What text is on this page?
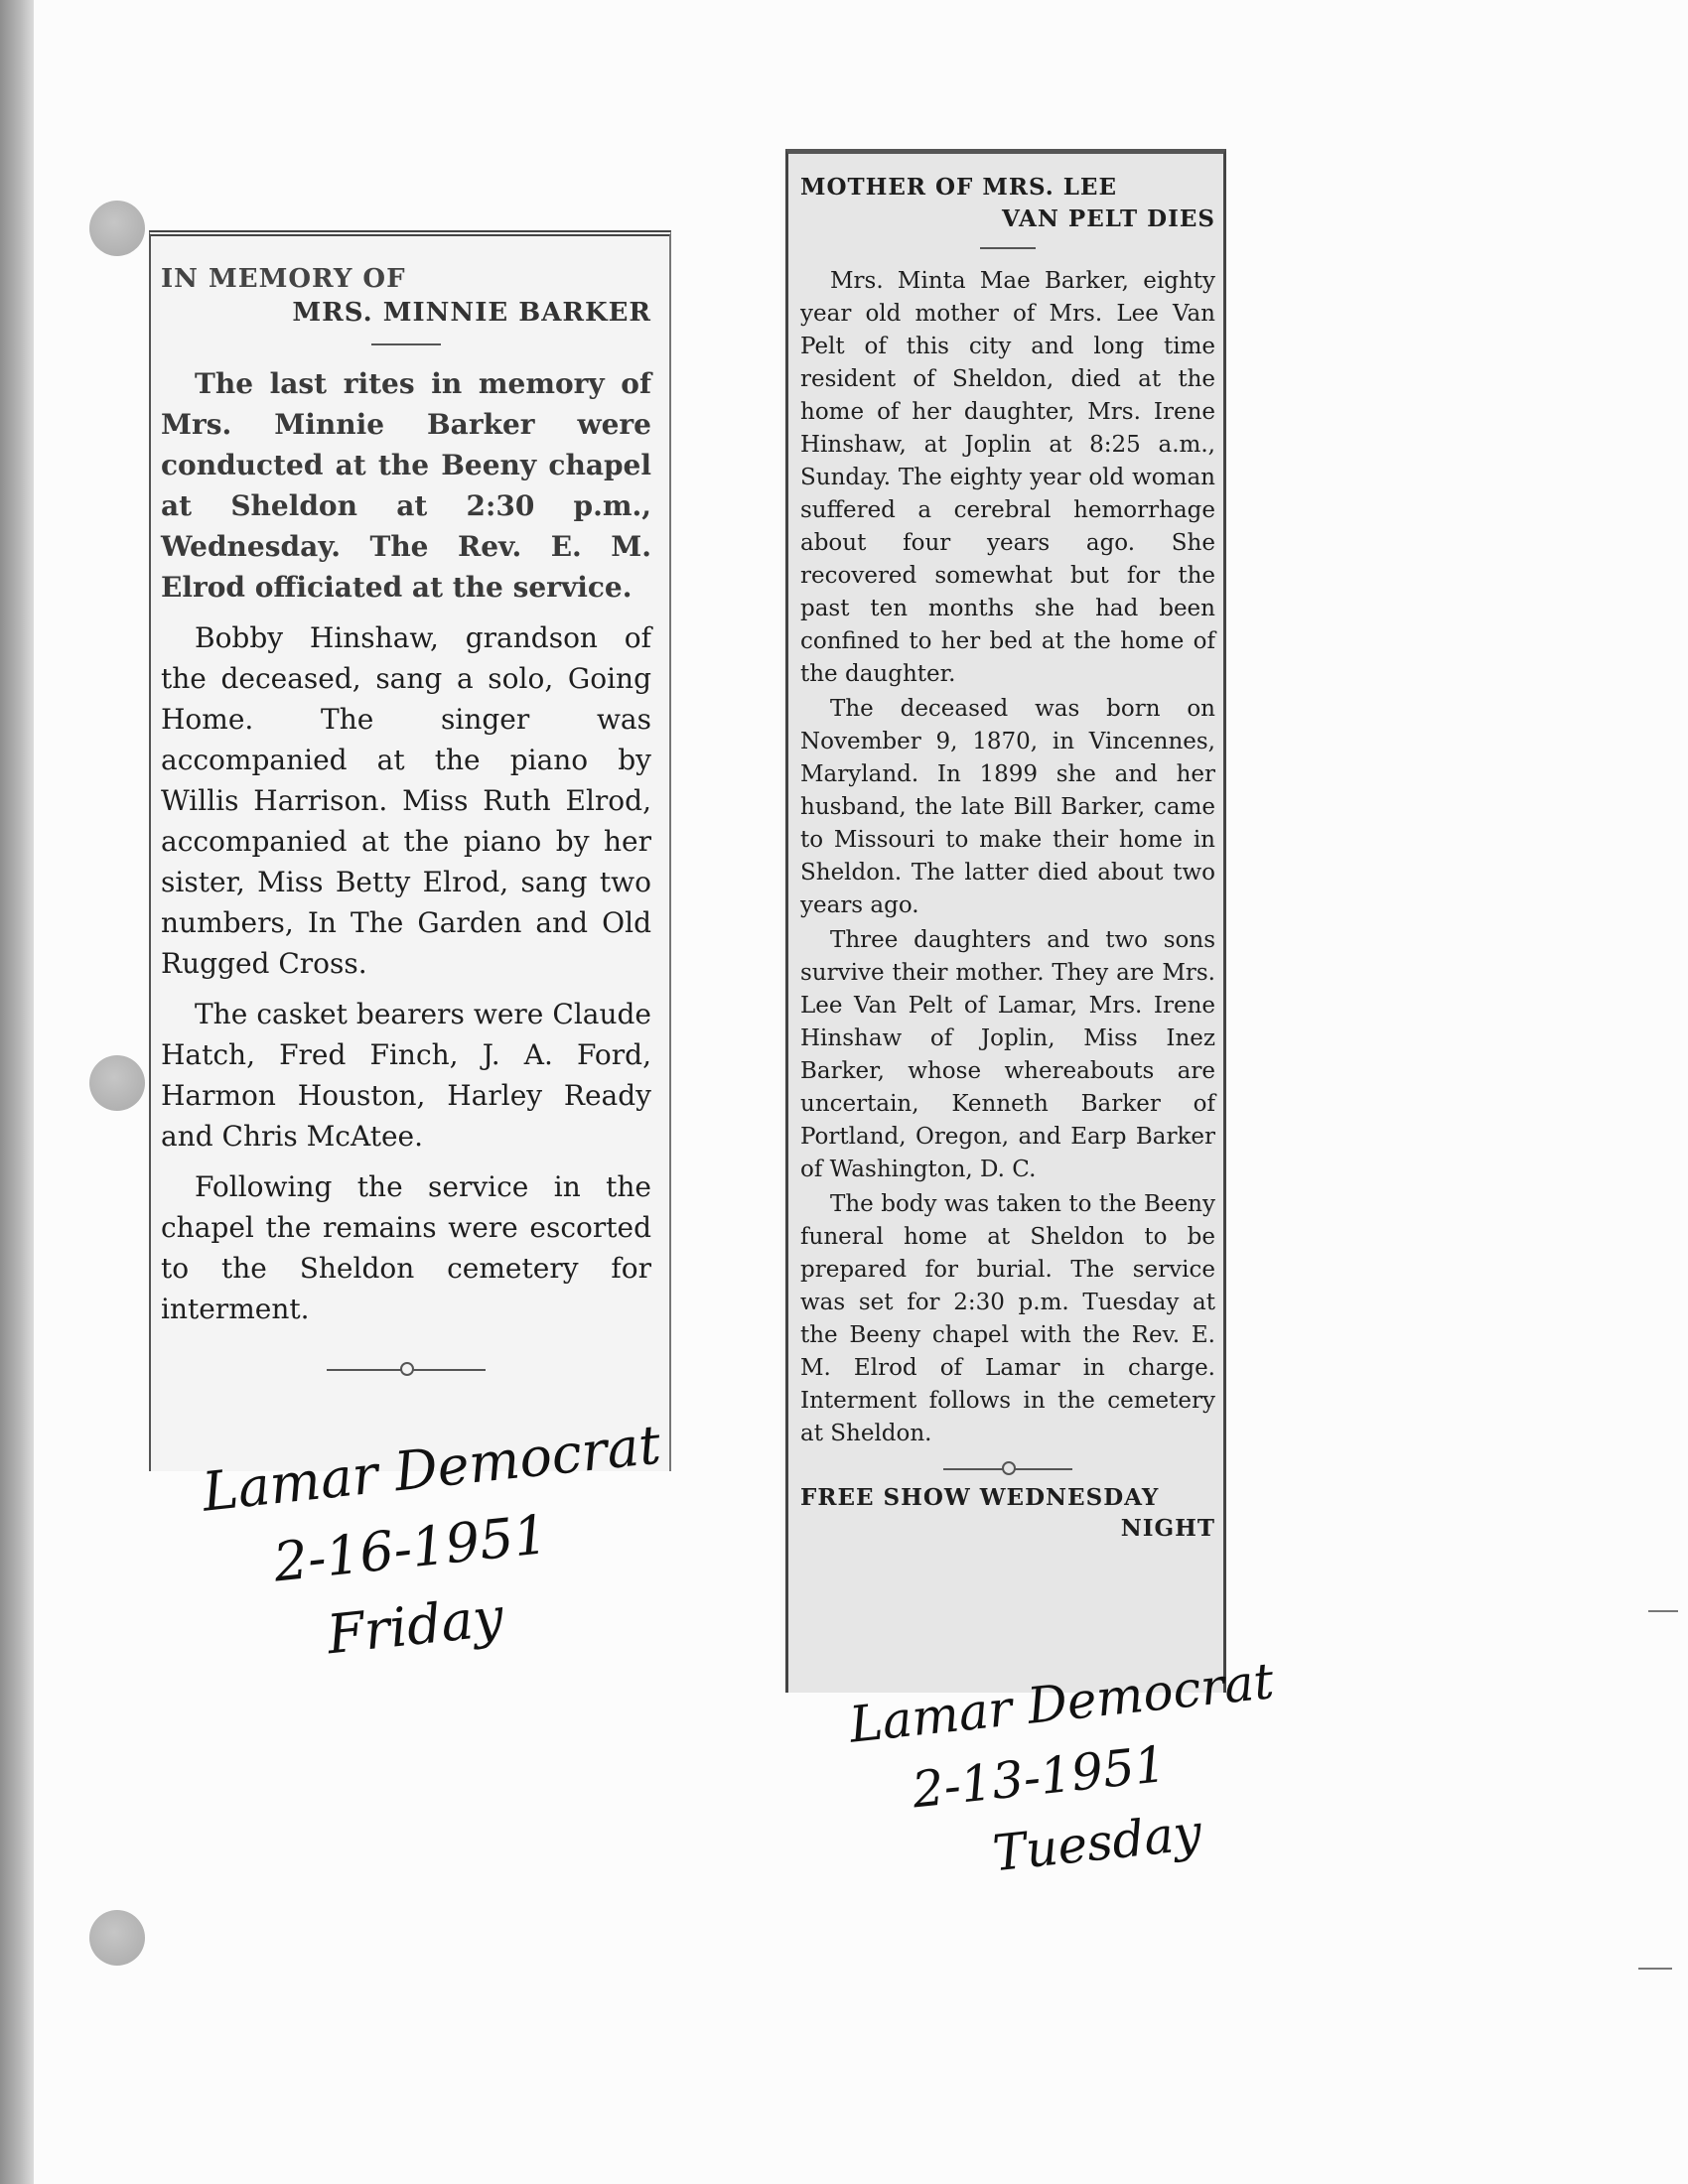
IN MEMORY OF
MRS. MINNIE BARKER

The last rites in memory of Mrs. Minnie Barker were conducted at the Beeny chapel at Sheldon at 2:30 p.m., Wednesday. The Rev. E. M. Elrod officiated at the service.

Bobby Hinshaw, grandson of the deceased, sang a solo, Going Home. The singer was accompanied at the piano by Willis Harrison. Miss Ruth Elrod, accompanied at the piano by her sister, Miss Betty Elrod, sang two numbers, In The Garden and Old Rugged Cross.

The casket bearers were Claude Hatch, Fred Finch, J. A. Ford, Harmon Houston, Harley Ready and Chris McAtee.

Following the service in the chapel the remains were escorted to the Sheldon cemetery for interment.

MOTHER OF MRS. LEE
VAN PELT DIES

Mrs. Minta Mae Barker, eighty year old mother of Mrs. Lee Van Pelt of this city and long time resident of Sheldon, died at the home of her daughter, Mrs. Irene Hinshaw, at Joplin at 8:25 a.m., Sunday. The eighty year old woman suffered a cerebral hemorrhage about four years ago. She recovered somewhat but for the past ten months she had been confined to her bed at the home of the daughter.

The deceased was born on November 9, 1870, in Vincennes, Maryland. In 1899 she and her husband, the late Bill Barker, came to Missouri to make their home in Sheldon. The latter died about two years ago.

Three daughters and two sons survive their mother. They are Mrs. Lee Van Pelt of Lamar, Mrs. Irene Hinshaw of Joplin, Miss Inez Barker, whose whereabouts are uncertain, Kenneth Barker of Portland, Oregon, and Earp Barker of Washington, D. C.

The body was taken to the Beeny funeral home at Sheldon to be prepared for burial. The service was set for 2:30 p.m. Tuesday at the Beeny chapel with the Rev. E. M. Elrod of Lamar in charge. Interment follows in the cemetery at Sheldon.

FREE SHOW WEDNESDAY
NIGHT
Lamar Democrat
2-16-1951
Friday
Lamar Democrat
2-13-1951
Tuesday
